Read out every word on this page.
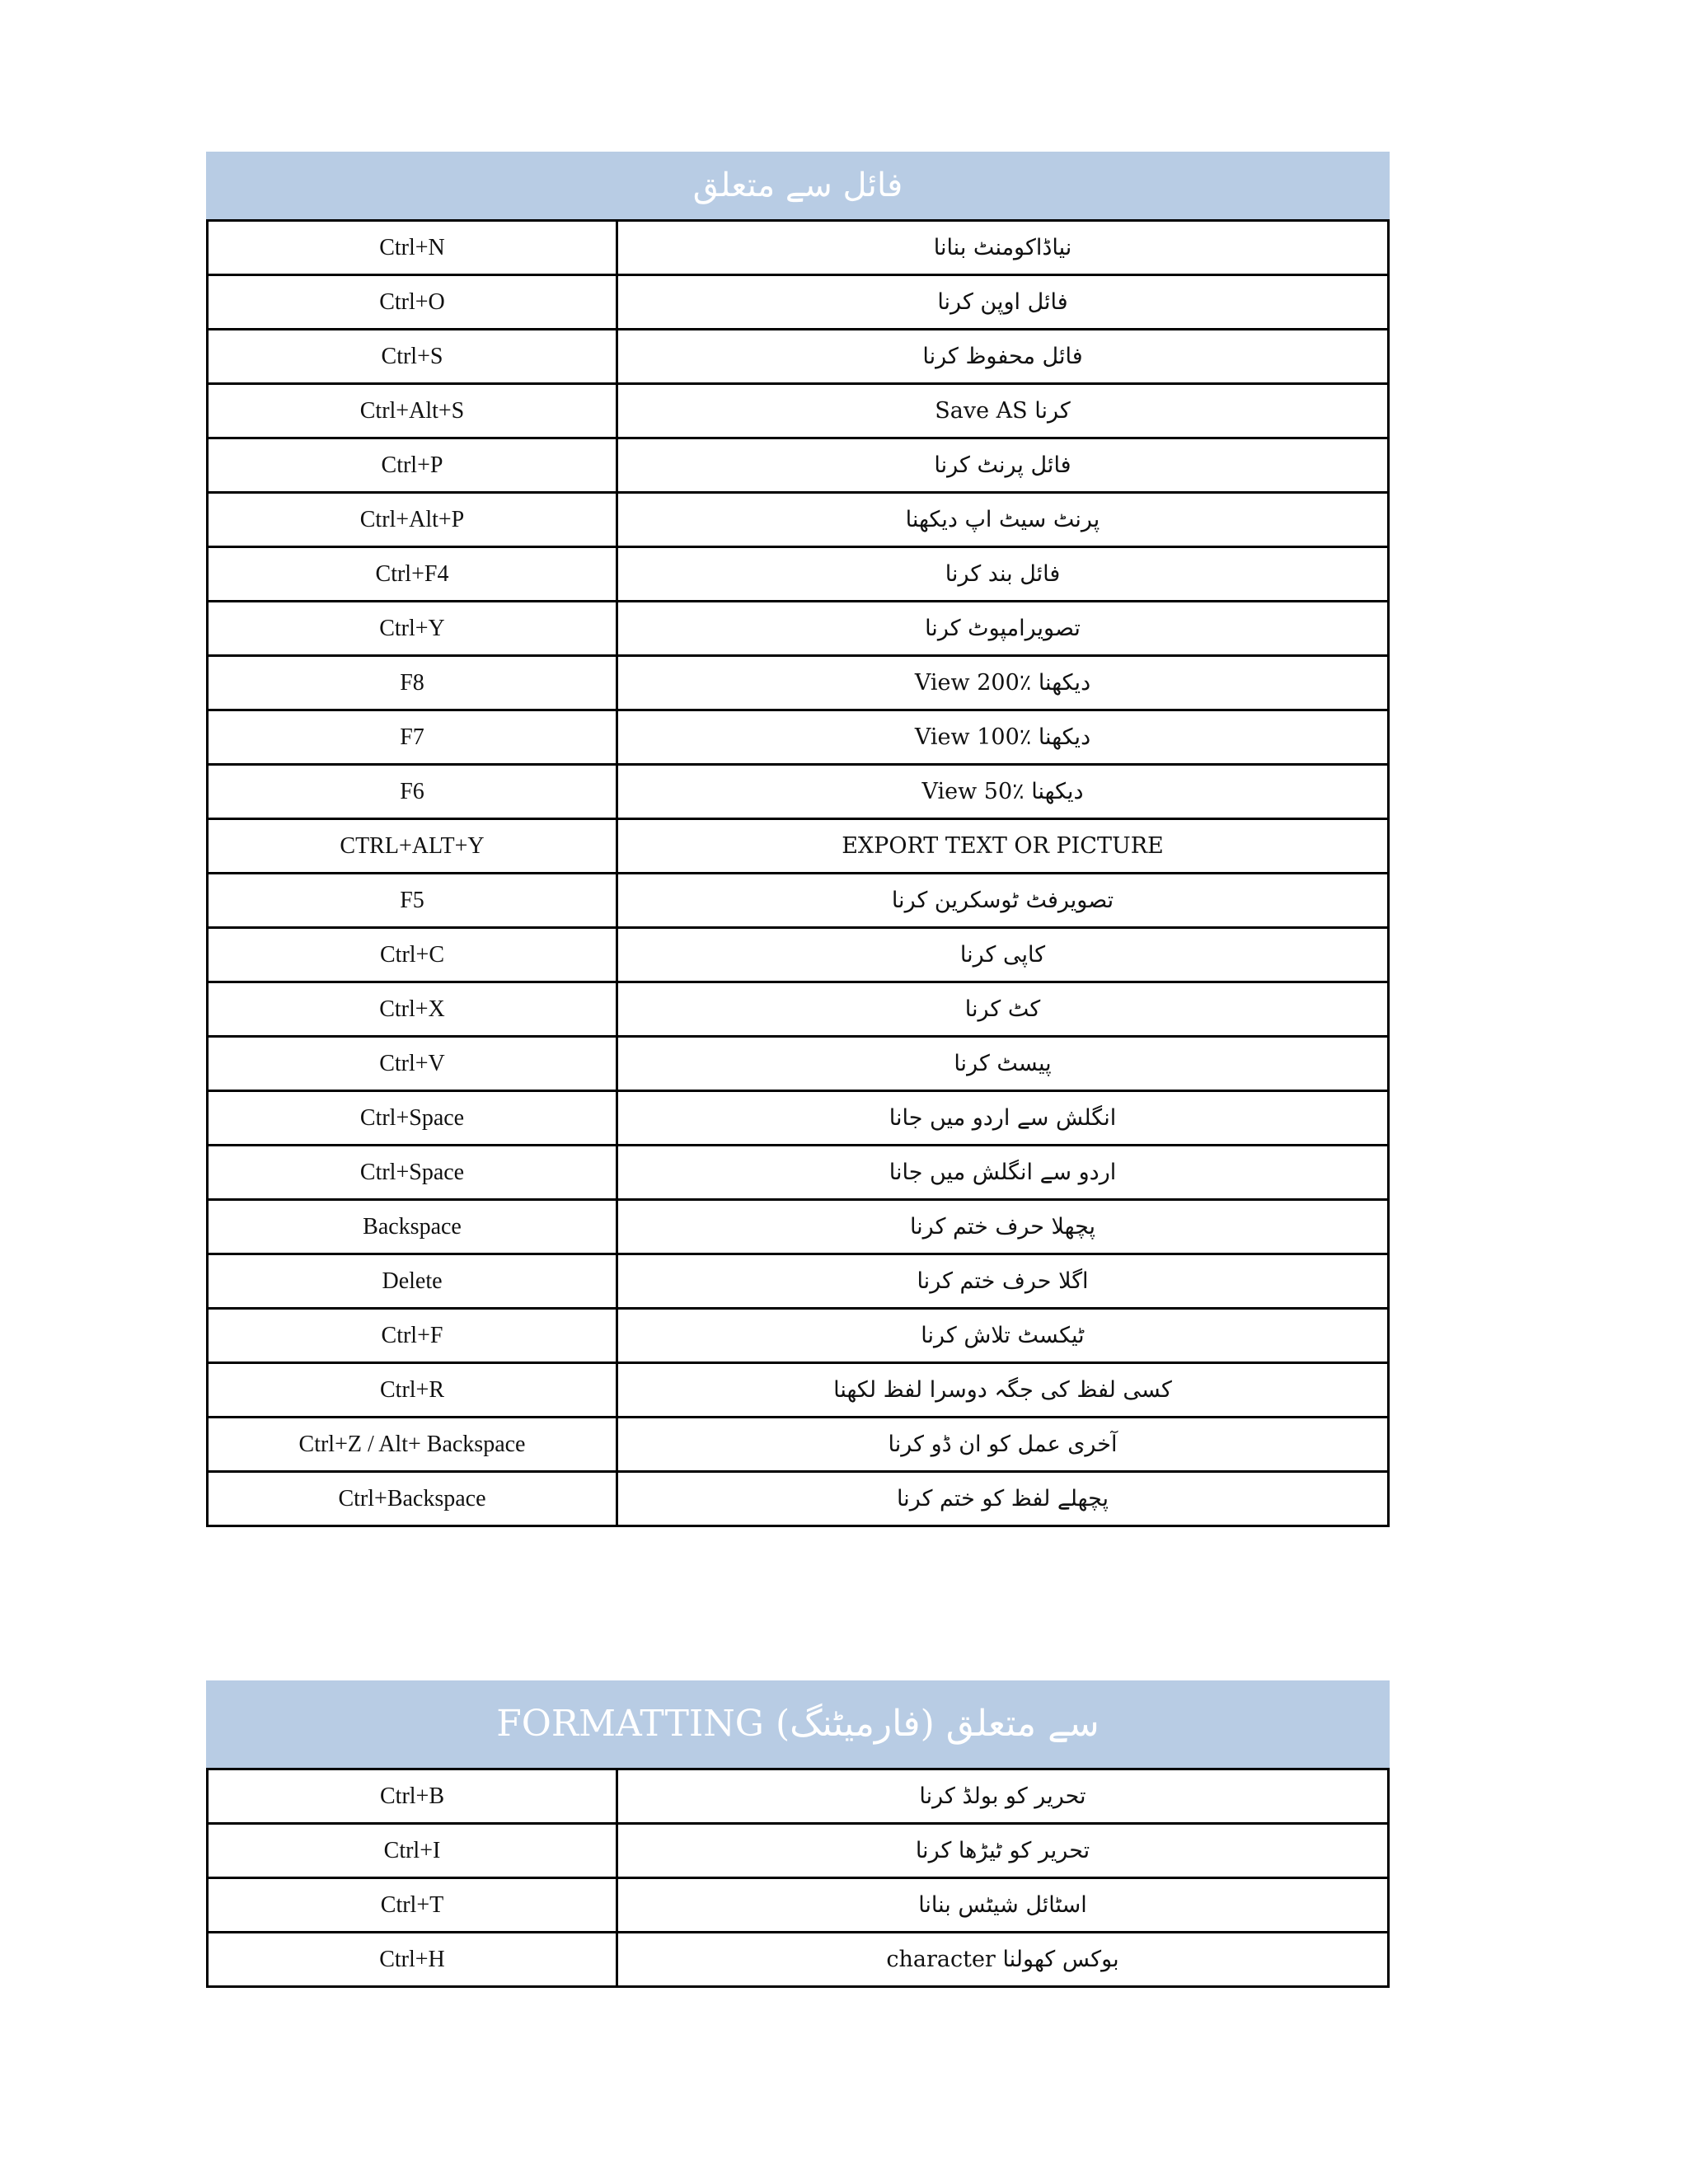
فائل سے متعلق
Ctrl+N	نیاڈاکومنٹ بنانا
Ctrl+O	فائل اوپن کرنا
Ctrl+S	فائل محفوظ کرنا
Ctrl+Alt+S	Save AS کرنا
Ctrl+P	فائل پرنٹ کرنا
Ctrl+Alt+P	پرنٹ سیٹ اپ دیکھنا
Ctrl+F4	فائل بند کرنا
Ctrl+Y	تصویرامپوٹ کرنا
F8	View 200٪ دیکھنا
F7	View 100٪ دیکھنا
F6	View 50٪ دیکھنا
CTRL+ALT+Y	EXPORT TEXT OR PICTURE
F5	تصویرفٹ ٹوسکرین کرنا
Ctrl+C	کاپی کرنا
Ctrl+X	کٹ کرنا
Ctrl+V	پیسٹ کرنا
Ctrl+Space	انگلش سے اردو میں جانا
Ctrl+Space	اردو سے انگلش میں جانا
Backspace	پچھلا حرف ختم کرنا
Delete	اگلا حرف ختم کرنا
Ctrl+F	ٹیکسٹ تلاش کرنا
Ctrl+R	کسی لفظ کی جگہ دوسرا لفظ لکھنا
Ctrl+Z / Alt+ Backspace	آخری عمل کو ان ڈو کرنا
Ctrl+Backspace	پچھلے لفظ کو ختم کرنا
FORMATTING (فارمیٹنگ) سے متعلق
Ctrl+B	تحریر کو بولڈ کرنا
Ctrl+I	تحریر کو ٹیڑھا کرنا
Ctrl+T	اسٹائل شیٹس بنانا
Ctrl+H	character بوکس کھولنا
